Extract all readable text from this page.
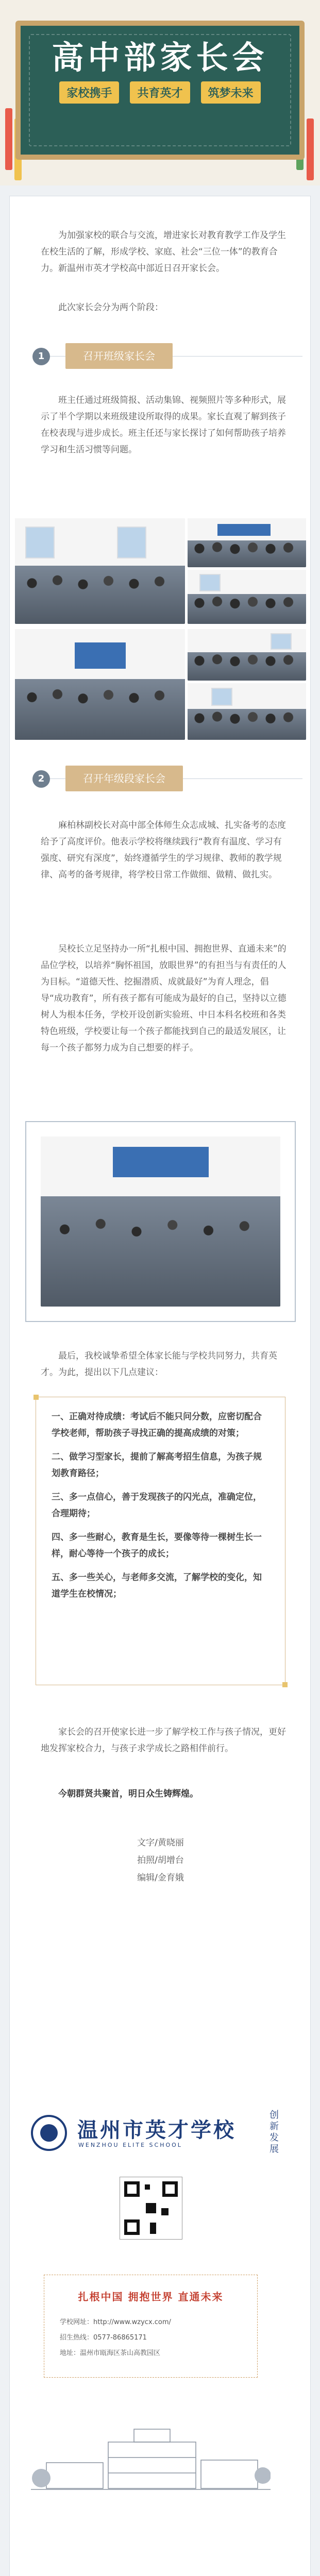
高中部家长会
家校携手 共育英才 筑梦未来

为加强家校的联合与交流，增进家长对教育教学工作及学生在校生活的了解，形成学校、家庭、社会“三位一体”的教育合力。新温州市英才学校高中部近日召开家长会。

此次家长会分为两个阶段：

1	召开班级家长会

班主任通过班级简报、活动集锦、视频照片等多种形式，展示了半个学期以来班级建设所取得的成果。家长直观了解到孩子在校表现与进步成长。班主任还与家长探讨了如何帮助孩子培养学习和生活习惯等问题。

2	召开年级段家长会

麻柏林副校长对高中部全体师生众志成城、扎实备考的态度给予了高度评价。他表示学校将继续践行“教育有温度、学习有强度、研究有深度”，始终遵循学生的学习规律、教师的教学规律、高考的备考规律，将学校日常工作做细、做精、做扎实。

吴校长立足坚持办一所“扎根中国、拥抱世界、直通未来”的品位学校，以培养“胸怀祖国，放眼世界”的有担当与有责任的人为目标。“道德天性、挖掘潜质、成就最好”为育人理念，倡导“成功教育”，所有孩子都有可能成为最好的自己，坚持以立德树人为根本任务，学校开设创新实验班、中日本科名校班和各类特色班级，学校要让每一个孩子都能找到自己的最适发展区，让每一个孩子都努力成为自己想要的样子。

最后，我校诚挚希望全体家长能与学校共同努力，共育英才。为此，提出以下几点建议：

一、正确对待成绩：考试后不能只问分数，应密切配合学校老师，帮助孩子寻找正确的提高成绩的对策；

二、做学习型家长，提前了解高考招生信息，为孩子规划教育路径；

三、多一点信心，善于发现孩子的闪光点，准确定位，合理期待；

四、多一些耐心，教育是生长，要像等待一棵树生长一样，耐心等待一个孩子的成长；

五、多一些关心，与老师多交流，了解学校的变化，知道学生在校情况；

家长会的召开使家长进一步了解学校工作与孩子情况，更好地发挥家校合力，与孩子求学成长之路相伴前行。

今朝群贤共聚首，明日众生铸辉煌。

文字/黄晓丽
拍照/胡增台
编辑/金育娥
温州市英才学校
WENZHOU ELITE SCHOOL
创新发展
扎根中国 拥抱世界 直通未来
学校网址：http://www.wzycx.com/
招生热线：0577-86865171
地址：温州市瓯海区茶山高教园区
